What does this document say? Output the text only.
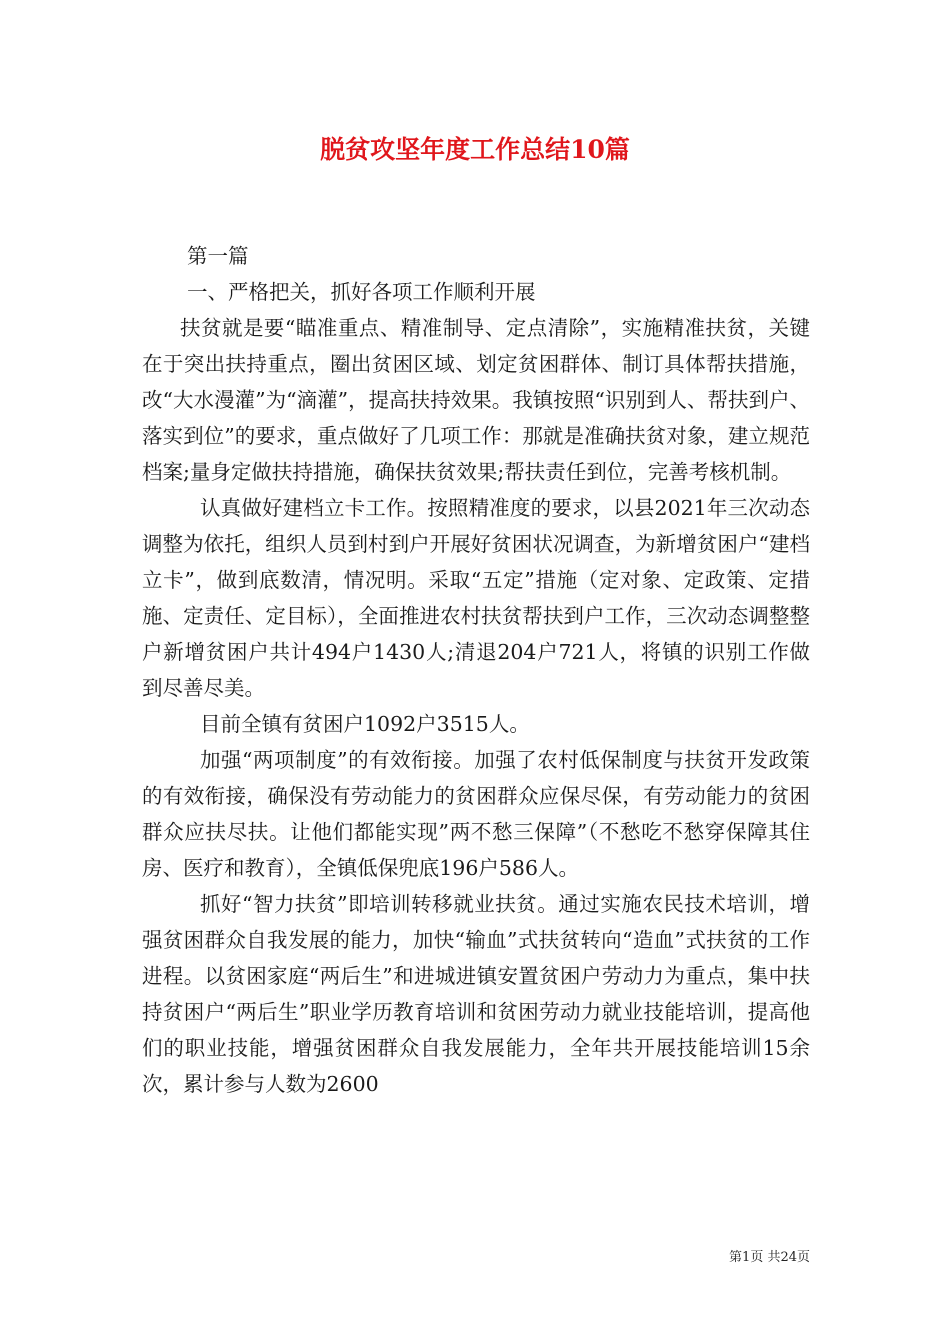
脱贫攻坚年度工作总结10篇

第一篇

一、严格把关，抓好各项工作顺利开展

扶贫就是要“瞄准重点、精准制导、定点清除”，实施精准扶贫，关键在于突出扶持重点，圈出贫困区域、划定贫困群体、制订具体帮扶措施，改“大水漫灌”为“滴灌”，提高扶持效果。我镇按照“识别到人、帮扶到户、落实到位”的要求，重点做好了几项工作：那就是准确扶贫对象，建立规范档案;量身定做扶持措施，确保扶贫效果;帮扶责任到位，完善考核机制。

认真做好建档立卡工作。按照精准度的要求，以县2021年三次动态调整为依托，组织人员到村到户开展好贫困状况调查，为新增贫困户“建档立卡”，做到底数清，情况明。采取“五定”措施（定对象、定政策、定措施、定责任、定目标），全面推进农村扶贫帮扶到户工作，三次动态调整整户新增贫困户共计494户1430人;清退204户721人，将镇的识别工作做到尽善尽美。

目前全镇有贫困户1092户3515人。

加强“两项制度”的有效衔接。加强了农村低保制度与扶贫开发政策的有效衔接，确保没有劳动能力的贫困群众应保尽保，有劳动能力的贫困群众应扶尽扶。让他们都能实现”两不愁三保障”（不愁吃不愁穿保障其住房、医疗和教育），全镇低保兜底196户586人。

抓好“智力扶贫”即培训转移就业扶贫。通过实施农民技术培训，增强贫困群众自我发展的能力，加快“输血”式扶贫转向“造血”式扶贫的工作进程。以贫困家庭“两后生”和进城进镇安置贫困户劳动力为重点，集中扶持贫困户“两后生”职业学历教育培训和贫困劳动力就业技能培训，提高他们的职业技能，增强贫困群众自我发展能力，全年共开展技能培训15余次，累计参与人数为2600

第1页 共24页
